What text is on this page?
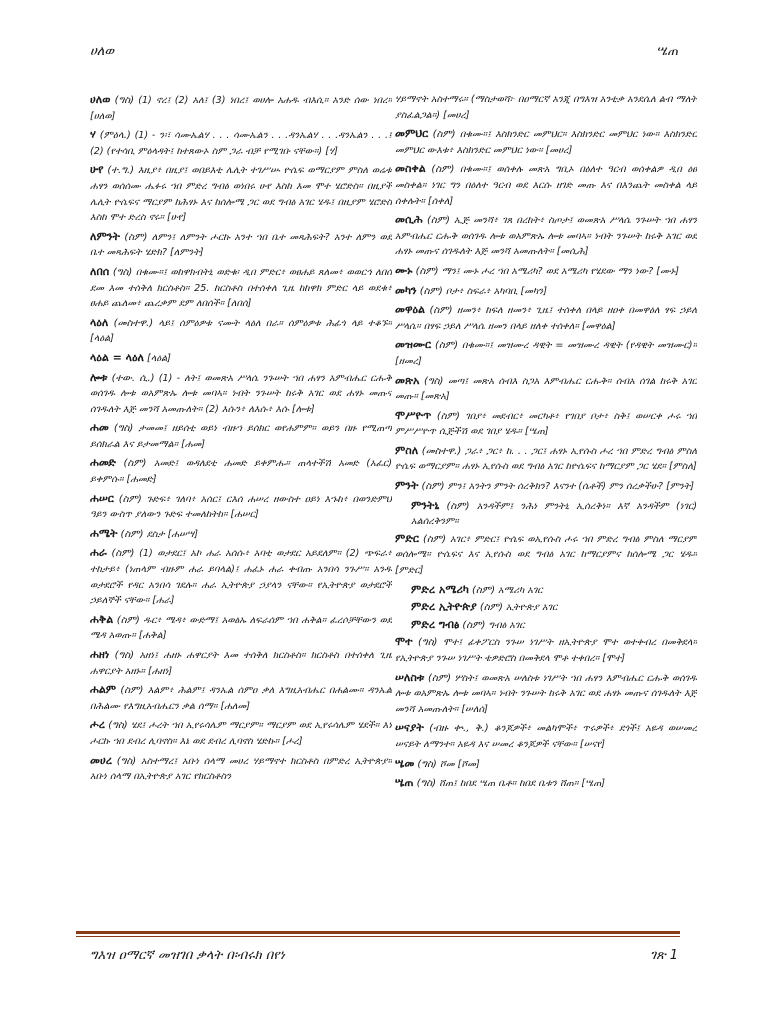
ሀለወ	ሤጠ

ሀለወ (ግስ) (1) ኖረ፤ (2) አለ፤ (3) ነበረ፤ ወሀሎ አሐዱ ብእሲ። አንድ ሰው ነበረ። [ሀለወ]

ሃ (ምዕላ.) (1) - ን፡፣ ሳሙኤልሃ . . . ሳሙኤልን . . .ዳንኤልሃ . . .ዳንኤልን . . .፤ (2) (የተሳቢ ምዕላዳት፤ ከተጸውኦ ስም ጋራ ብቻ የሚገቡ ናቸው።) [ሃ]

ሁየ (ተ.ግ.) እዚያ፥ በዚያ፤ ወበይእቲ ሌሊት ተገሥሡ ዮሴፍ ወማርያም ምስለ ወሬቱ ሐፃን ወሰሰሙ ሔፉሩ ኀበ ምድረ ግብፅ ወነበሩ ሁየ እስከ እመ ሞተ ሄሮድስ። በዚያች ሌሊት ዮሴፍና ማርያም ከሕፃኑ እና ከሰሎሜ ጋር ወደ ግብፅ አገር ሄዱ፤ በዚያም ሄሮድስ እስከ ሞተ ድረስ ኖሩ። [ሁየ]

ለምንት (ስም) ለምን፤ ለምንት ሖርኩ አንተ ኀበ ቤተ መጻሕፍት? አንተ ለምን ወደ ቤተ መጻሕፍት ሄድክ? [ለምንት]

ለበሰ (ግስ) በቁሙ።፤ ወከዋክብትኒ ወድቁ፡ ዲበ ምድር፥ ወፀሐይ ጸለመ፥ ወወርኅ ለበሰ ደመ እመ ተሰቅለ ክርስቶስ። 25. ከርስቶስ በተሰቀለ ጊዜ ከከዋክ ምድር ላይ ወደቁ፥ ፀሐይ ጨለመ፥ ጨረቃም ደም ለበሰች። [ለበሰ]

ላዕለ (መስተዋ.) ላይ፤ ሰምዕዎቱ ናሙት ላዕለ በራ። ሰምዕዎቱ ሕፊጎ ላይ ተቆኙ። [ላዕል]

ላዕል = ላዕለ [ላዕል]

ሎቱ (ተው. ሲ.) (1) - ለት፤ ወመጽአ ሥላሴ ንጉሠት ኀበ ሐፃን አምብሔር ርሑቅ ወሰገዱ ሎቱ ወአምጽኡ ሎቱ መባኣ። ነብት ንጉሠት ከሩቅ አገር ወደ ሐፃኑ መጡና ሰገዱለት እጅ መንሻ አመጡለት። (2) እሱን፥ ለእሱ፥ እሱ [ሎቱ]

ሐመ (ግስ) ታመመ፤ ዘይሰቲ ወይነ ብዙኀ ይሰክር ወየሐምም። ወይን በዙ የሚጠጣ ይሰክራል እና ይታመማል። [ሐመ]

ሐመድ (ስም) አመድ፤ ወዳለደቲ ሐመድ ይቀምሑ። ጠላተችሽ አመድ (አፈር) ይቀምሱ። [ሐመድ]

ሐሠር (ስም) ጉድፍ፥ ገለባ፥ አሰር፤ ርእሰ ሐሠረ ዘውስተ ዐይነ እኁከ፥ በወንድምህ ዓይን ውስጥ ያለውን ጉድፍ ተመለከትከ። [ሐሠር]

ሐሜት (ስም) ደስታ [ሐሠሣ]

ሐራ (ስም) (1) ወታደር፤ አኮ ሐራ አሰሱ፥ አባቲ ወታደር አይደለም። (2) ጭፍራ፥ ተከታይ፥ (ነጠላም ብዙም ሐራ ይባላል)፤ ሐፈኑ ሐራ ቀብጡ አንበሳ ንጉሥ። አንዱ ወታደሮች የዳር አንበሳ ገደሉ። ሐራ ኢትዮጵያ ኃያላን ናቸው። የኢትዮጵያ ወታደሮች ኃይለኞች ናቸው። [ሐራ]

ሐቅል (ስም) ዱር፥ ሜዳ፥ ውድማ፤ አወፅኡ ለፍራሰም ኀበ ሐቅል። ፈረሶቻቸውን ወደ ሜዳ አወጡ። [ሐቅል]

ሐዘነ (ግስ) አዘነ፤ ሐዘኑ ሐዋርያት እመ ተሰቅለ ክርስቶስ። ክርስቶስ በተሰቀለ ጊዜ ሐዋርያት አዘኑ። [ሐዘነ]

ሐልም (ስም) እልም፥ ሕልም፤ ዳንኤል ሰምዐ ቃለ እግዚአብሔር በሐልሙ። ዳንኤል በሕልሙ የእግዚአብሔርን ቃል ሰማ። [ሐለመ]

ሖረ (ግስ) ሄደ፤ ሖረት ኀበ ኢየሩሳሌም ማርያም። ማርያም ወደ ኢየሩሳሌም ሄደች። እነ ሖርኩ ኀበ ደብረ ሊባኖስ። እኔ ወደ ደብረ ሊባኖስ ሄድኩ። [ሖረ]

መሀረ (ግስ) አስተማረ፤ አቡነ ሰላማ መሀረ ሃይማኖተ ክርስቶስ በምድረ ኢትዮጵያ። አቡነ ሰላማ በኢትዮጵያ አገር የክርስቶስን

ሃይማኖት አስተማሩ። (ማስታወሻ፦ በዐማርኛ አንጂ በግእዝ አንቲቃ አንደሴለ ልብ ማለት ያስፈልጋል።) [መሀረ]

መምህር (ስም) በቁሙ።፤ እስክንድር መምህር። እስክንድር መምህር ነው። እስክንድር መምህር ውእቱ፥ እስክንድር መምህር ነው። [መሀረ]

መስቀል (ስም) በቁሙ።፤ ወሰቀሉ መጽአ ግቢኦ በዕለተ ዓርብ ወሰቀልዎ ዲበ ዕፀ መስቀል። ነገር ግን በዕለተ ዓርብ ወደ እርሱ ዘገድ መጡ እና በእንጨት መስቀል ላይ ሰቀሉት። [ሰቀለ]

መሲሕ (ስም) ኢጅ መንሻ፥ ገጸ በረከት፥ ስጦታ፤ ወመጽአ ሥላሴ ንጉሠት ኀበ ሐፃን አምብሔር ርሑቅ ወሰገዱ ሎቱ ወአምጽኡ ሎቱ መባኣ። ነብት ንጉሠት ከሩቅ አገር ወደ ሐፃኑ መጡና ሰገዱለት እጅ መንሻ አመጡለት። [መሲሕ]

ሙኑ (ስም) ማን፤ ሙኑ ሖረ ኀበ አሜሪካ? ወደ አሜሪካ የሄደው ማን ነው? [ሙኑ]

መካን (ስም) ቦታ፥ ስፍራ፥ አካባቢ [መካን]

መዋዕል (ስም) ዘመን፥ ከፍለ ዘመን፥ ጊዜ፤ ተሰቀለ በላይ ዘዐቀ በመዋዕለ ፃፍ ኃይለ ሥላሴ። በፃፍ ኃይለ ሥላሴ ዘመን በላይ ዘለቀ ተሰቀለ። [መዋዕል]

መዝሙር (ስም) በቁሙ።፤ መዝሙረ ዳዊት = መዝሙረ ዳዊት (የዳዊት መዝሙር)። [ዘመረ]

መጽአ (ግስ) መጣ፤ መጽአ ሰብእ ስጋአ እምብሔር ርሑቅ። ሰብአ ሰገል ከሩቅ አገር መጡ። [መጽአ]

ሞሥዮጥ (ስም) ገበያ፥ መደብር፥ መርካቶ፥ የገበያ ቦታ፥ ስቅ፤ ወሠርቀ ሖሩ ኀበ ምሥሥዮጥ ሲጅችሽ ወደ ገበያ ሄዱ። [ሤጠ]

ምስለ (መስተዋ.) ጋራ፥ ጋር፥ ከ. . . ጋር፤ ሐፃኑ ኢየሱስ ሖረ ኀበ ምድረ ግብፅ ምስለ ዮሴፍ ወማርያም። ሐፃኑ ኢየሱስ ወደ ግብፅ አገር ከዮሴፍና ከማርያም ጋር ሄደ። [ምስለ]

ምንት (ስም) ምን፤ አንትን ምንት ሰረቅክን? እናንተ (ሴቶች) ምን ሰረቃችሁ? [ምንት]

ምንትኒ (ስም) አንዳችም፤ ንሕነ ምንትኒ ኢሰረቅነ። እኛ አንዳችም (ነገር) አልሰረቅንም።

ምድር (ስም) አገር፥ ምድር፤ ዮሴፍ ወኢየሱስ ሖሩ ኀበ ምድረ ግብፅ ምስለ ማርያም ወሰሎሜ። ዮሴፍና እና ኢየሱስ ወደ ግብፅ አገር ከማርያምና ከሰሎሜ ጋር ሄዱ። [ምድር]

ምድረ አሜሪካ (ስም) አሜሪካ አገር

ምድረ ኢትዮጵያ (ስም) ኢትዮጵያ አገር

ምድረ ግብፅ (ስም) ግብፅ አገር

ሞተ (ግስ) ሞተ፤ ፊቀፖርስ ንጉሠ ነገሥት ዘኢትዮጵያ ሞተ ወተቀብረ በመቅደላ። የኢትዮጵያ ንጉሠ ነገሥት ቴዎድሮስ በመቅደላ ሞቶ ተቀበረ። [ሞተ]

ሠለስቱ (ስም) ሦስት፤ ወመጽአ ሠለስቱ ነገሥት ኀበ ሐፃን እምብሔር ርሑቅ ወሰገዱ ሎቱ ወአምጽኡ ሎቱ መባኣ። ነብት ንጉሠት ከሩቅ አገር ወደ ሐፃኑ መጡና ሰገዱለት እጅ መንሻ አመጡለት። [ሠለሰ]

ሠናያት (ብዙ ቍ., ቅ.) ቆንጆዎች፥ መልካሞች፥ ጥሩዎች፥ ደጎች፤ አዬዳ ወሠመረ ሠናይት ለማንተ። አዬዳ እና ሠመረ ቆንጆዎች ናቸው። [ሠናየ]

ሤመ (ግስ) ሾመ [ሾመ]

ሤጠ (ግስ) ሸጠ፤ ከበደ ሤጠ ቤቶ። ከበደ ቤቱን ሸጠ። [ሤጠ]

ግእዝ ዐማርኛ መዝገበ ቃላት በ፡ብሩክ በየነ	ገጽ 1
